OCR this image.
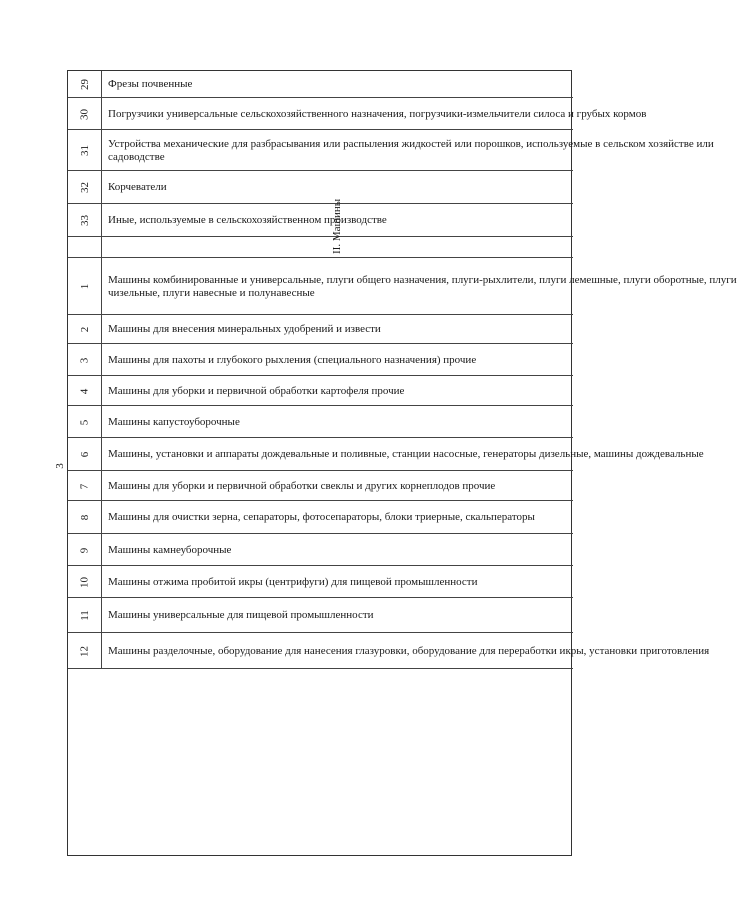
3
29 Фрезы почвенные
30 Погрузчики универсальные сельскохозяйственного назначения, погрузчики-измельчители силоса и грубых кормов
31
Устройства механические для разбрасывания или распыления жидкостей или порошков, используемые в сельском хозяйстве или
садоводстве
32 Корчеватели
33 Иные, используемые в сельскохозяйственном производстве
II. Машины
1
Машины комбинированные и универсальные, плуги общего назначения, плуги-рыхлители, плуги лемешные, плуги оборотные, плуги
чизельные, плуги навесные и полунавесные
2 Машины для внесения минеральных удобрений и извести
3 Машины для пахоты и глубокого рыхления (специального назначения) прочие
4 Машины для уборки и первичной обработки картофеля прочие
5 Машины капустоуборочные
6 Машины, установки и аппараты дождевальные и поливные, станции насосные, генераторы дизельные, машины дождевальные
7 Машины для уборки и первичной обработки свеклы и других корнеплодов прочие
8 Машины для очистки зерна, сепараторы, фотосепараторы, блоки триерные, скальператоры
9 Машины камнеуборочные
10 Машины отжима пробитой икры (центрифуги) для пищевой промышленности
11 Машины универсальные для пищевой промышленности
12 Машины разделочные, оборудование для нанесения глазуровки, оборудование для переработки икры, установки приготовления
